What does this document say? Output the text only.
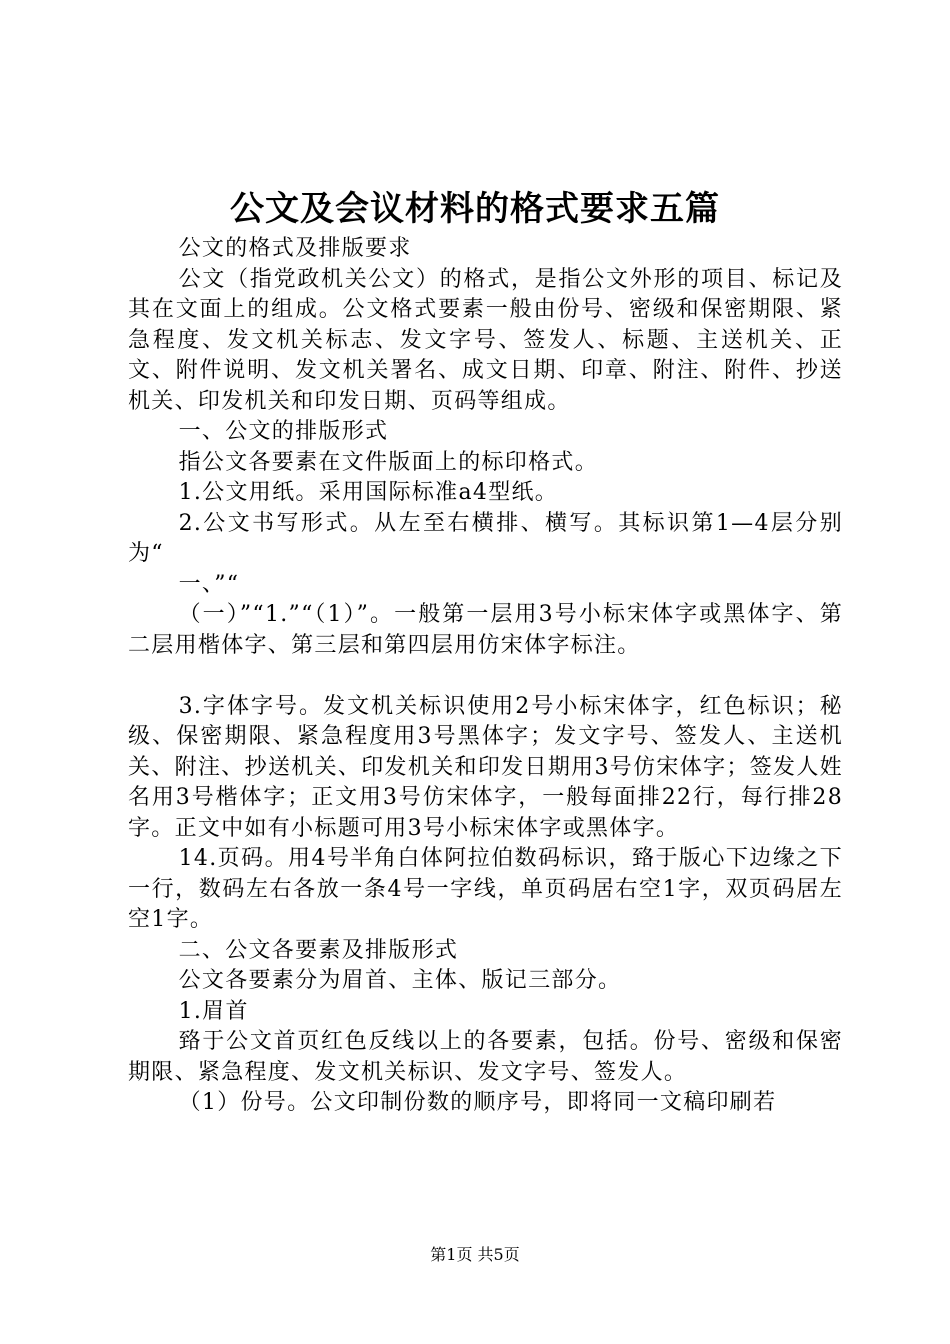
公文及会议材料的格式要求五篇

公文的格式及排版要求

公文（指党政机关公文）的格式，是指公文外形的项目、标记及其在文面上的组成。公文格式要素一般由份号、密级和保密期限、紧急程度、发文机关标志、发文字号、签发人、标题、主送机关、正文、附件说明、发文机关署名、成文日期、印章、附注、附件、抄送机关、印发机关和印发日期、页码等组成。

一、公文的排版形式

指公文各要素在文件版面上的标印格式。

1.公文用纸。采用国际标准a4型纸。

2.公文书写形式。从左至右横排、横写。其标识第1—4层分别为“

一、”“

（一）”“1.”“（1）”。一般第一层用3号小标宋体字或黑体字、第二层用楷体字、第三层和第四层用仿宋体字标注。

3.字体字号。发文机关标识使用2号小标宋体字，红色标识；秘级、保密期限、紧急程度用3号黑体字；发文字号、签发人、主送机关、附注、抄送机关、印发机关和印发日期用3号仿宋体字；签发人姓名用3号楷体字；正文用3号仿宋体字，一般每面排22行，每行排28字。正文中如有小标题可用3号小标宋体字或黑体字。

14.页码。用4号半角白体阿拉伯数码标识，臵于版心下边缘之下一行，数码左右各放一条4号一字线，单页码居右空1字，双页码居左空1字。

二、公文各要素及排版形式

公文各要素分为眉首、主体、版记三部分。

1.眉首

臵于公文首页红色反线以上的各要素，包括。份号、密级和保密期限、紧急程度、发文机关标识、发文字号、签发人。

（1）份号。公文印制份数的顺序号，即将同一文稿印刷若

第1页 共5页
